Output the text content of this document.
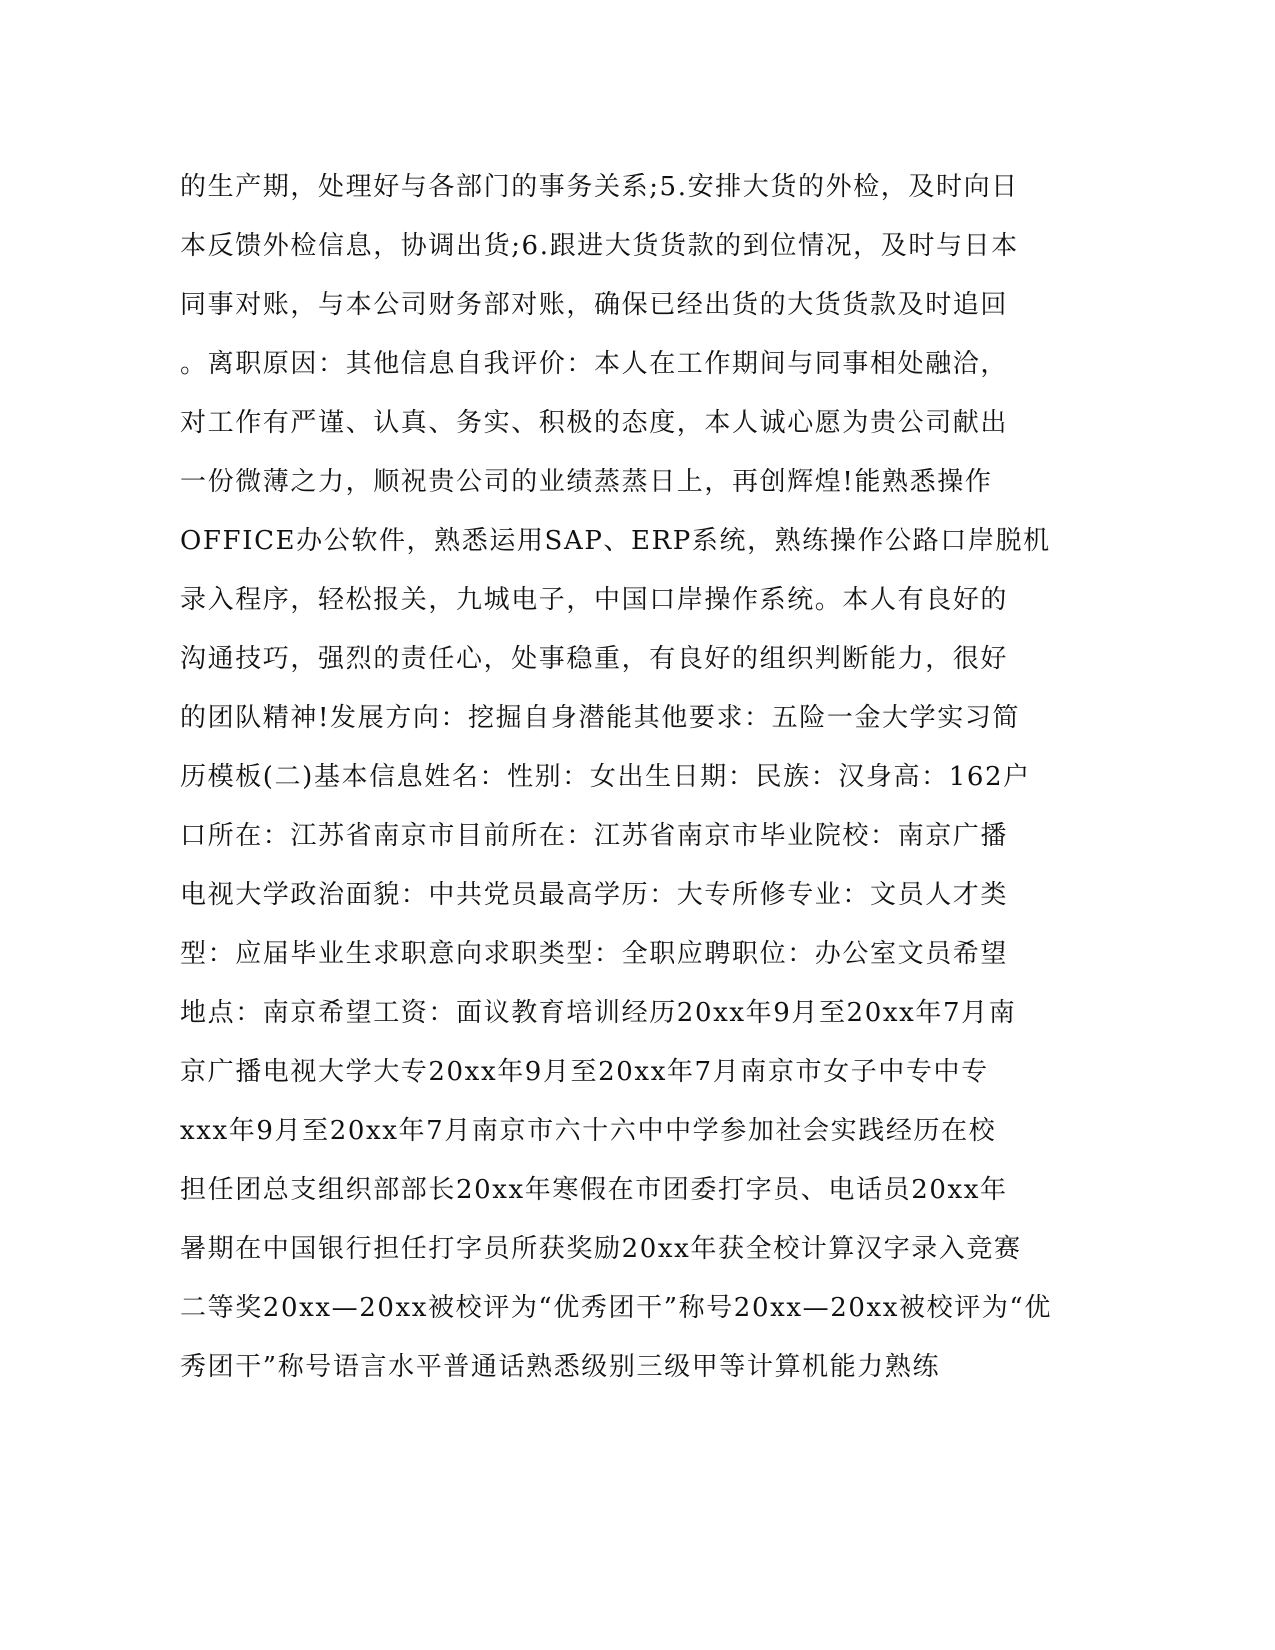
的生产期，处理好与各部门的事务关系;5.安排大货的外检，及时向日
本反馈外检信息，协调出货;6.跟进大货货款的到位情况，及时与日本
同事对账，与本公司财务部对账，确保已经出货的大货货款及时追回
。离职原因：其他信息自我评价：本人在工作期间与同事相处融洽，
对工作有严谨、认真、务实、积极的态度，本人诚心愿为贵公司献出
一份微薄之力，顺祝贵公司的业绩蒸蒸日上，再创辉煌!能熟悉操作
OFFICE办公软件，熟悉运用SAP、ERP系统，熟练操作公路口岸脱机
录入程序，轻松报关，九城电子，中国口岸操作系统。本人有良好的
沟通技巧，强烈的责任心，处事稳重，有良好的组织判断能力，很好
的团队精神!发展方向：挖掘自身潜能其他要求：五险一金大学实习简
历模板(二)基本信息姓名：性别：女出生日期：民族：汉身高：162户
口所在：江苏省南京市目前所在：江苏省南京市毕业院校：南京广播
电视大学政治面貌：中共党员最高学历：大专所修专业：文员人才类
型：应届毕业生求职意向求职类型：全职应聘职位：办公室文员希望
地点：南京希望工资：面议教育培训经历20xx年9月至20xx年7月南
京广播电视大学大专20xx年9月至20xx年7月南京市女子中专中专
xxx年9月至20xx年7月南京市六十六中中学参加社会实践经历在校
担任团总支组织部部长20xx年寒假在市团委打字员、电话员20xx年
暑期在中国银行担任打字员所获奖励20xx年获全校计算汉字录入竞赛
二等奖20xx—20xx被校评为“优秀团干”称号20xx—20xx被校评为“优
秀团干”称号语言水平普通话熟悉级别三级甲等计算机能力熟练
